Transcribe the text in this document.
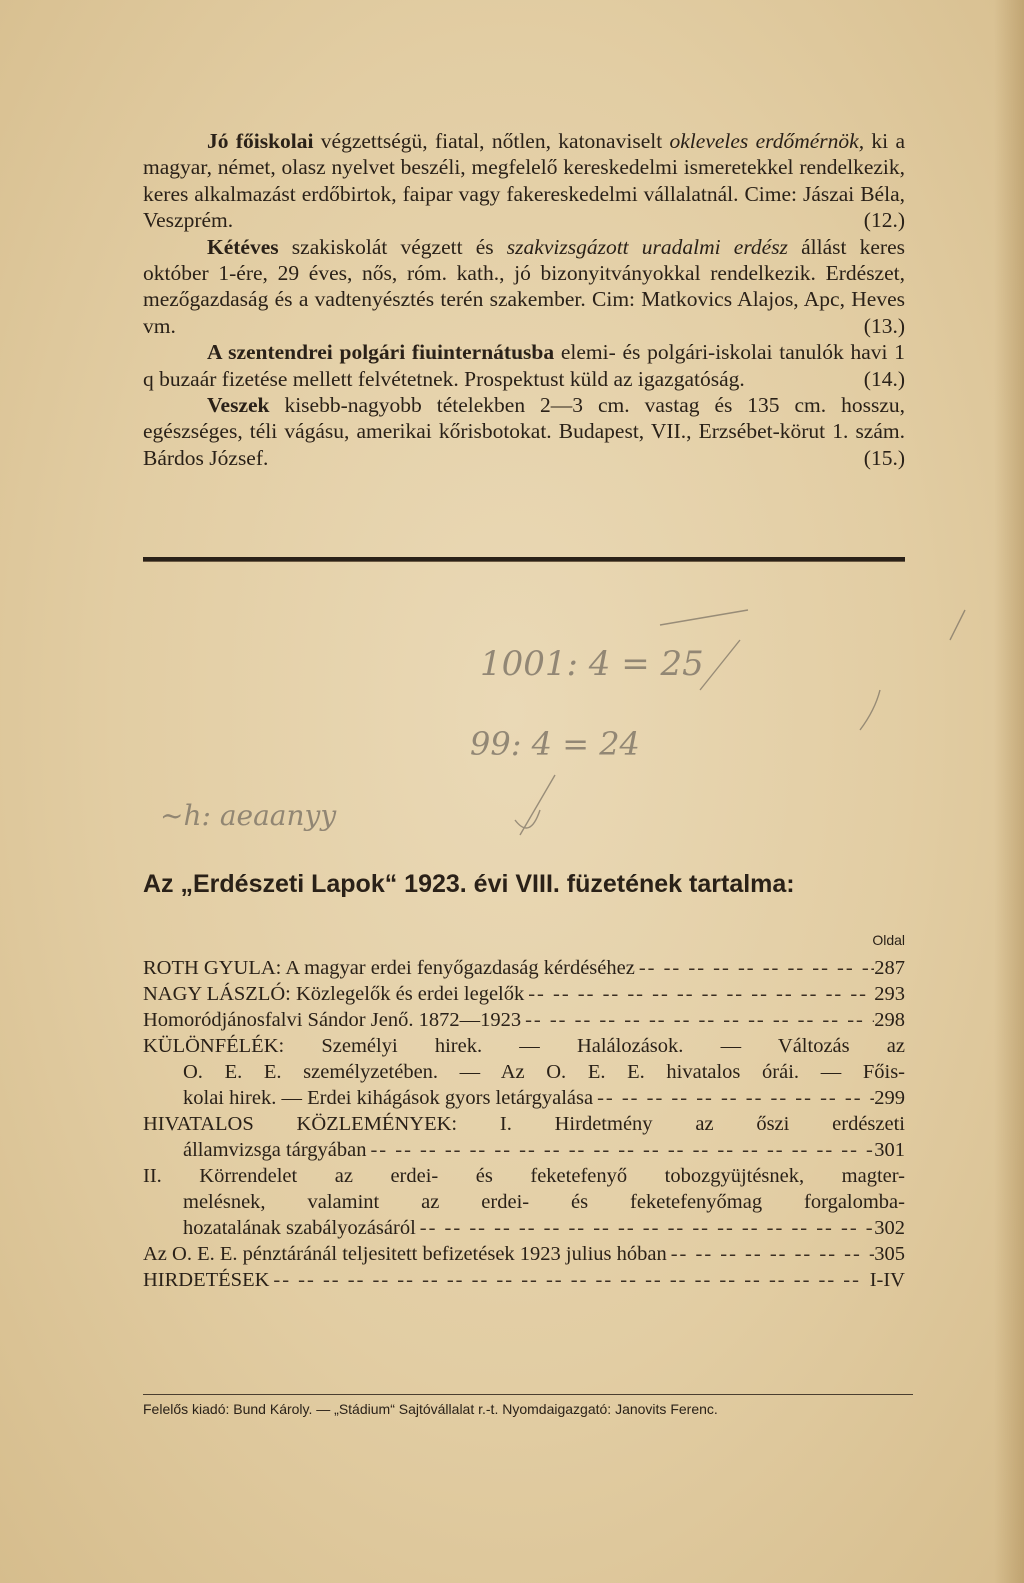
Jó főiskolai végzettségü, fiatal, nőtlen, katonaviselt okleveles erdőmérnök, ki a magyar, német, olasz nyelvet beszéli, megfelelő kereskedelmi ismeretekkel rendelkezik, keres alkalmazást erdőbirtok, faipar vagy fakereskedelmi vállalatnál. Cime: Jászai Béla, Veszprém.	(12.)

Kétéves szakiskolát végzett és szakvizsgázott uradalmi erdész állást keres október 1-ére, 29 éves, nős, róm. kath., jó bizonyitványokkal rendelkezik. Erdészet, mezőgazdaság és a vadtenyésztés terén szakember. Cim: Matkovics Alajos, Apc, Heves vm.	(13.)

A szentendrei polgári fiuinternátusba elemi- és polgári-iskolai tanulók havi 1 q buzaár fizetése mellett felvétetnek. Prospektust küld az igazgatóság.	(14.)

Veszek kisebb-nagyobb tételekben 2—3 cm. vastag és 135 cm. hosszu, egészséges, téli vágásu, amerikai kőrisbotokat. Budapest, VII., Erzsébet-körut 1. szám. Bárdos József.	(15.)

1001: 4 = 25
99: 4 = 24
~h: aeaanyy
Az „Erdészeti Lapok“ 1923. évi VIII. füzetének tartalma:
Oldal
ROTH GYULA: A magyar erdei fenyőgazdaság kérdéséhez -- --	287
NAGY LÁSZLÓ: Közlegelők és erdei legelők -- --	293
Homoródjánosfalvi Sándor Jenő. 1872—1923 -- --	298
KÜLÖNFÉLÉK: Személyi hirek. — Halálozások. — Változás az
O. E. E. személyzetében. — Az O. E. E. hivatalos órái. — Főis-
kolai hirek. — Erdei kihágások gyors letárgyalása -- --	299
HIVATALOS KÖZLEMÉNYEK: I. Hirdetmény az őszi erdészeti
államvizsga tárgyában -- --	301
II. Körrendelet az erdei- és feketefenyő tobozgyüjtésnek, magter-
melésnek, valamint az erdei- és feketefenyőmag forgalomba-
hozatalának szabályozásáról -- --	302
Az O. E. E. pénztáránál teljesitett befizetések 1923 julius hóban -- --	305
HIRDETÉSEK -- --	I-IV
Felelős kiadó: Bund Károly. — „Stádium“ Sajtóvállalat r.-t. Nyomdaigazgató: Janovits Ferenc.
